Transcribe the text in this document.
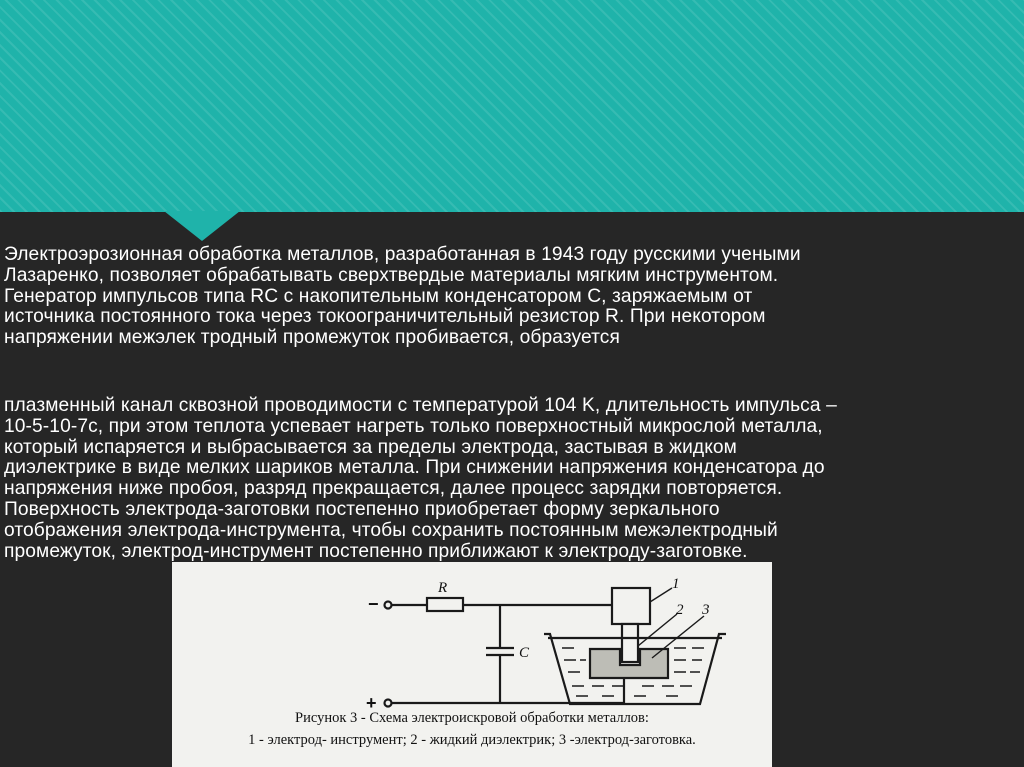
Электроэрозионная обработка металлов, разработанная в 1943 году русскими учеными
Лазаренко, позволяет обрабатывать сверхтвердые материалы мягким инструментом.
Генератор импульсов типа RC с накопительным конденсатором C, заряжаемым от
источника постоянного тока через токоограничительный резистор R. При некотором
напряжении межэлек тродный промежуток пробивается, образуется
плазменный канал сквозной проводимости с температурой 104 K, длительность импульса –
10-5-10-7с, при этом теплота успевает нагреть только поверхностный микрослой металла,
который испаряется и выбрасывается за пределы электрода, застывая в жидком
диэлектрике в виде мелких шариков металла. При снижении напряжения конденсатора до
напряжения ниже пробоя, разряд прекращается, далее процесс зарядки повторяется.
Поверхность электрода-заготовки постепенно приобретает форму зеркального
отображения электрода-инструмента, чтобы сохранить постоянным межэлектродный
промежуток, электрод-инструмент постепенно приближают к электроду-заготовке.
R
C
1
2 3
−
+

Рисунок 3 - Схема электроискровой обработки металлов:

1 - электрод- инструмент; 2 - жидкий диэлектрик; 3 -электрод-заготовка.
